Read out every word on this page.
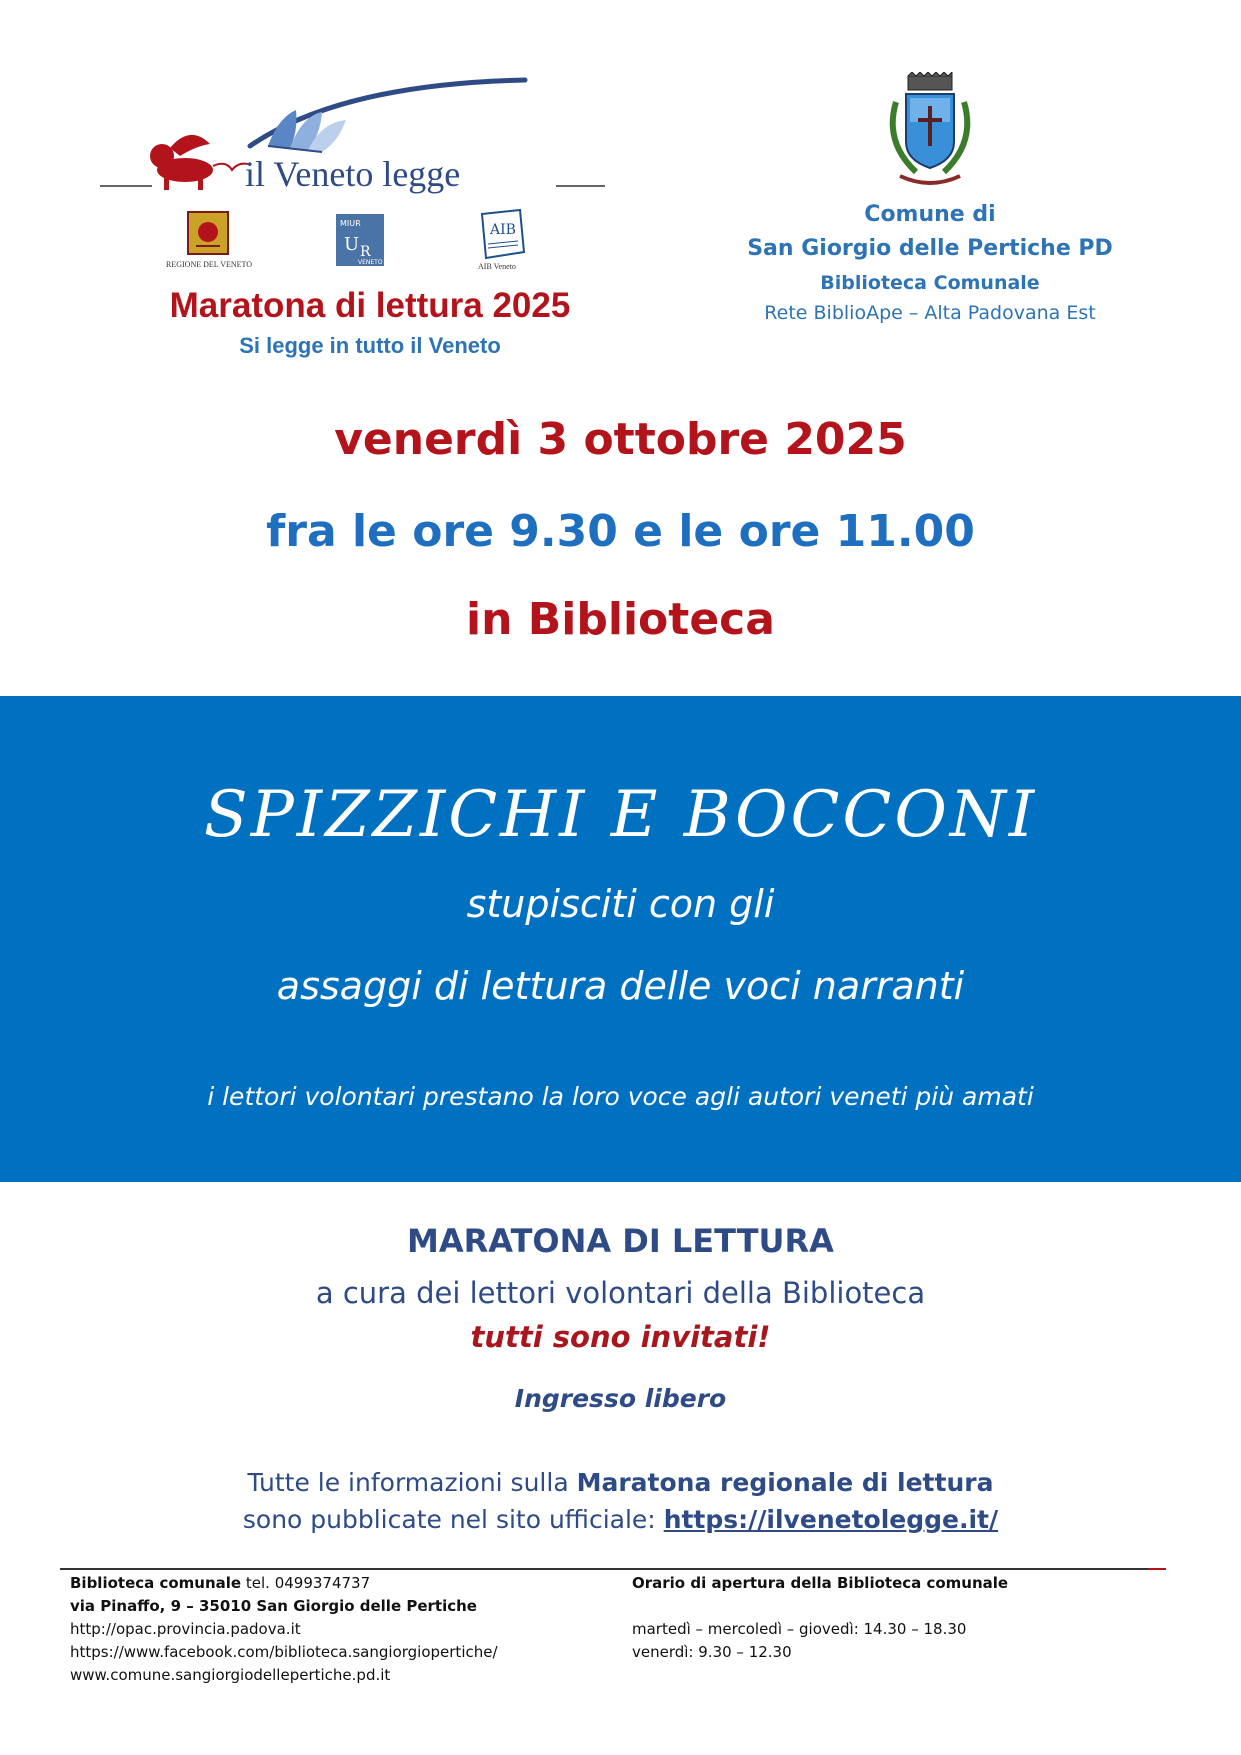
il Veneto legge
REGIONE DEL VENETO
MIUR
U R
VENETO
AIB
AIB Veneto
Maratona di lettura 2025
Si legge in tutto il Veneto
Comune di
San Giorgio delle Pertiche PD
Biblioteca Comunale
Rete BiblioApe – Alta Padovana Est
venerdì 3 ottobre 2025
fra le ore 9.30 e le ore 11.00
in Biblioteca
SPIZZICHI E BOCCONI
stupisciti con gli
assaggi di lettura delle voci narranti
i lettori volontari prestano la loro voce agli autori veneti più amati
MARATONA DI LETTURA
a cura dei lettori volontari della Biblioteca
tutti sono invitati!
Ingresso libero
Tutte le informazioni sulla Maratona regionale di lettura
sono pubblicate nel sito ufficiale: https://ilvenetolegge.it/
Biblioteca comunale tel. 0499374737
via Pinaffo, 9 – 35010 San Giorgio delle Pertiche
http://opac.provincia.padova.it
https://www.facebook.com/biblioteca.sangiorgiopertiche/
www.comune.sangiorgiodellepertiche.pd.it
Orario di apertura della Biblioteca comunale

martedì – mercoledì – giovedì: 14.30 – 18.30
venerdì: 9.30 – 12.30
